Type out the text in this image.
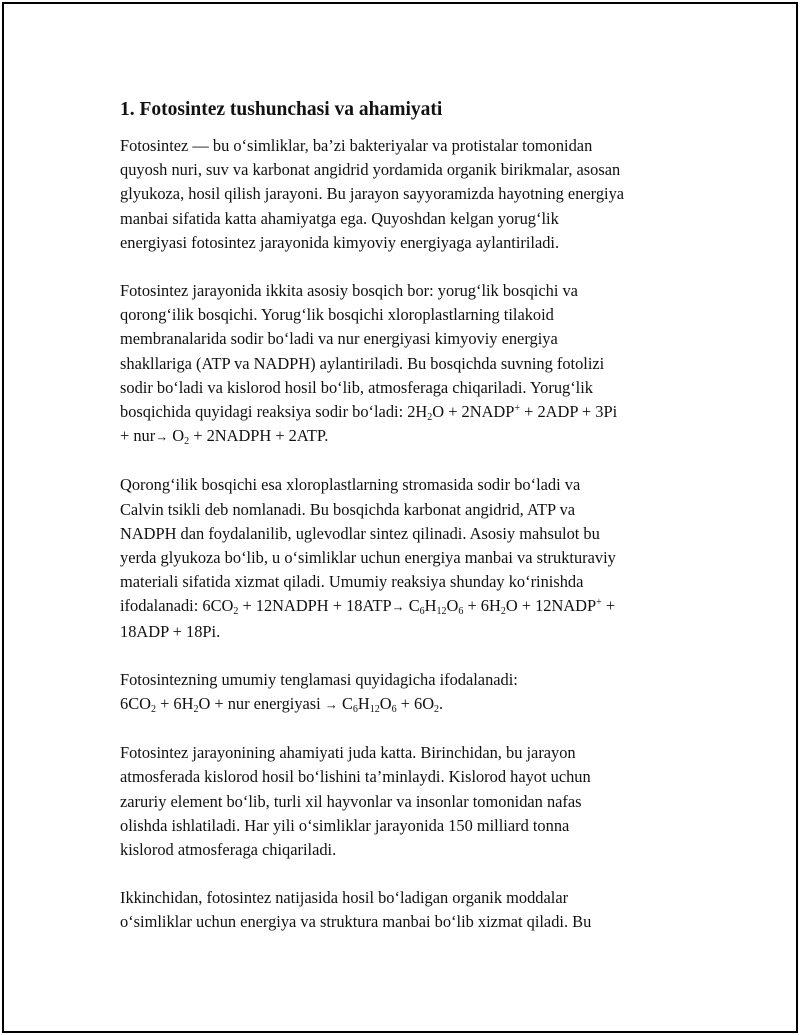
1. Fotosintez tushunchasi va ahamiyati

Fotosintez — bu o‘simliklar, ba’zi bakteriyalar va protistalar tomonidan
quyosh nuri, suv va karbonat angidrid yordamida organik birikmalar, asosan
glyukoza, hosil qilish jarayoni. Bu jarayon sayyoramizda hayotning energiya
manbai sifatida katta ahamiyatga ega. Quyoshdan kelgan yorug‘lik
energiyasi fotosintez jarayonida kimyoviy energiyaga aylantiriladi.

Fotosintez jarayonida ikkita asosiy bosqich bor: yorug‘lik bosqichi va
qorong‘ilik bosqichi. Yorug‘lik bosqichi xloroplastlarning tilakoid
membranalarida sodir bo‘ladi va nur energiyasi kimyoviy energiya
shakllariga (ATP va NADPH) aylantiriladi. Bu bosqichda suvning fotolizi
sodir bo‘ladi va kislorod hosil bo‘lib, atmosferaga chiqariladi. Yorug‘lik
bosqichida quyidagi reaksiya sodir bo‘ladi: $2H_2O$ + 2NADP+ + 2ADP + 3Pi
+ $nur\to O_2$ + 2NADPH + 2ATP.

Qorong‘ilik bosqichi esa xloroplastlarning stromasida sodir bo‘ladi va
Calvin tsikli deb nomlanadi. Bu bosqichda karbonat angidrid, ATP va
NADPH dan foydalanilib, uglevodlar sintez qilinadi. Asosiy mahsulot bu
yerda glyukoza bo‘lib, u o‘simliklar uchun energiya manbai va strukturaviy
materiali sifatida xizmat qiladi. Umumiy reaksiya shunday ko‘rinishda
ifodalanadi: $6CO_2$ + 12NADPH + $18ATP\to C_6H_{12}O_6 + 6H_2O$ + 12NADP+ +
18ADP + 18Pi.

Fotosintezning umumiy tenglamasi quyidagicha ifodalanadi:
$6CO_2 + 6H_2O$ + nur energiyasi → $C_6H_{12}O_6 + 6O_2$.

Fotosintez jarayonining ahamiyati juda katta. Birinchidan, bu jarayon
atmosferada kislorod hosil bo‘lishini ta’minlaydi. Kislorod hayot uchun
zaruriy element bo‘lib, turli xil hayvonlar va insonlar tomonidan nafas
olishda ishlatiladi. Har yili o‘simliklar jarayonida 150 milliard tonna
kislorod atmosferaga chiqariladi.

Ikkinchidan, fotosintez natijasida hosil bo‘ladigan organik moddalar
o‘simliklar uchun energiya va struktura manbai bo‘lib xizmat qiladi. Bu
